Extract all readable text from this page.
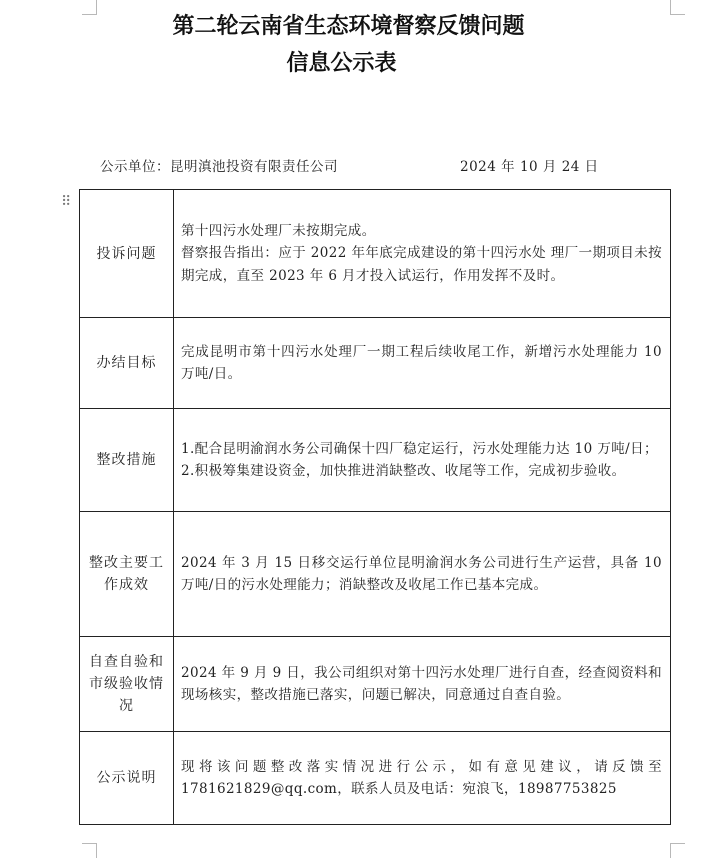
第二轮云南省生态环境督察反馈问题
信息公示表
公示单位：昆明滇池投资有限责任公司	2024 年 10 月 24 日
⠿
投诉问题	第十四污水处理厂未按期完成。

督察报告指出：应于 2022 年年底完成建设的第十四污水处 理厂一期项目未按期完成，直至 2023 年 6 月才投入试运行，作用发挥不及时。

办结目标	完成昆明市第十四污水处理厂一期工程后续收尾工作，新增污水处理能力 10 万吨/日。

整改措施	1.配合昆明渝润水务公司确保十四厂稳定运行，污水处理能力达 10 万吨/日；

2.积极筹集建设资金，加快推进消缺整改、收尾等工作，完成初步验收。

整改主要工作成效	2024 年 3 月 15 日移交运行单位昆明渝润水务公司进行生产运营，具备 10 万吨/日的污水处理能力；消缺整改及收尾工作已基本完成。

自查自验和市级验收情况	2024 年 9 月 9 日，我公司组织对第十四污水处理厂进行自查，经查阅资料和现场核实，整改措施已落实，问题已解决，同意通过自查自验。

公示说明	现将该问题整改落实情况进行公示，如有意见建议，请反馈至 1781621829@qq.com，联系人员及电话：宛浪飞，18987753825
